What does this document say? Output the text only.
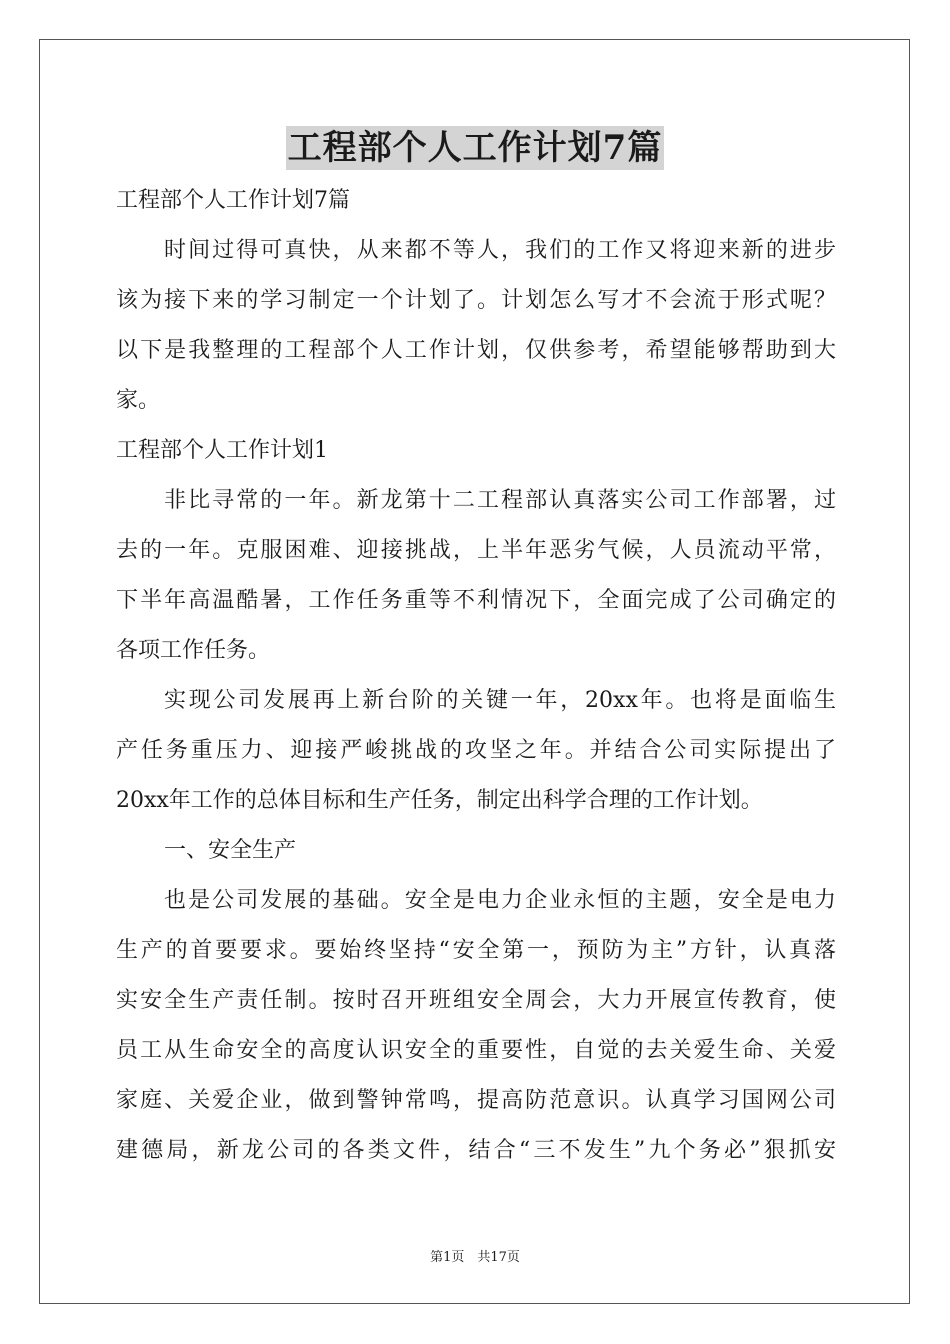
工程部个人工作计划7篇
工程部个人工作计划7篇
时间过得可真快，从来都不等人，我们的工作又将迎来新的进步
该为接下来的学习制定一个计划了。计划怎么写才不会流于形式呢？
以下是我整理的工程部个人工作计划，仅供参考，希望能够帮助到大
家。
工程部个人工作计划1
非比寻常的一年。新龙第十二工程部认真落实公司工作部署，过
去的一年。克服困难、迎接挑战，上半年恶劣气候，人员流动平常，
下半年高温酷暑，工作任务重等不利情况下，全面完成了公司确定的
各项工作任务。
实现公司发展再上新台阶的关键一年，20xx年。也将是面临生
产任务重压力、迎接严峻挑战的攻坚之年。并结合公司实际提出了
20xx年工作的总体目标和生产任务，制定出科学合理的工作计划。
一、安全生产
也是公司发展的基础。安全是电力企业永恒的主题，安全是电力
生产的首要要求。要始终坚持“安全第一，预防为主”方针，认真落
实安全生产责任制。按时召开班组安全周会，大力开展宣传教育，使
员工从生命安全的高度认识安全的重要性，自觉的去关爱生命、关爱
家庭、关爱企业，做到警钟常鸣，提高防范意识。认真学习国网公司
建德局，新龙公司的各类文件，结合“三不发生”九个务必”狠抓安
第1页　共17页
